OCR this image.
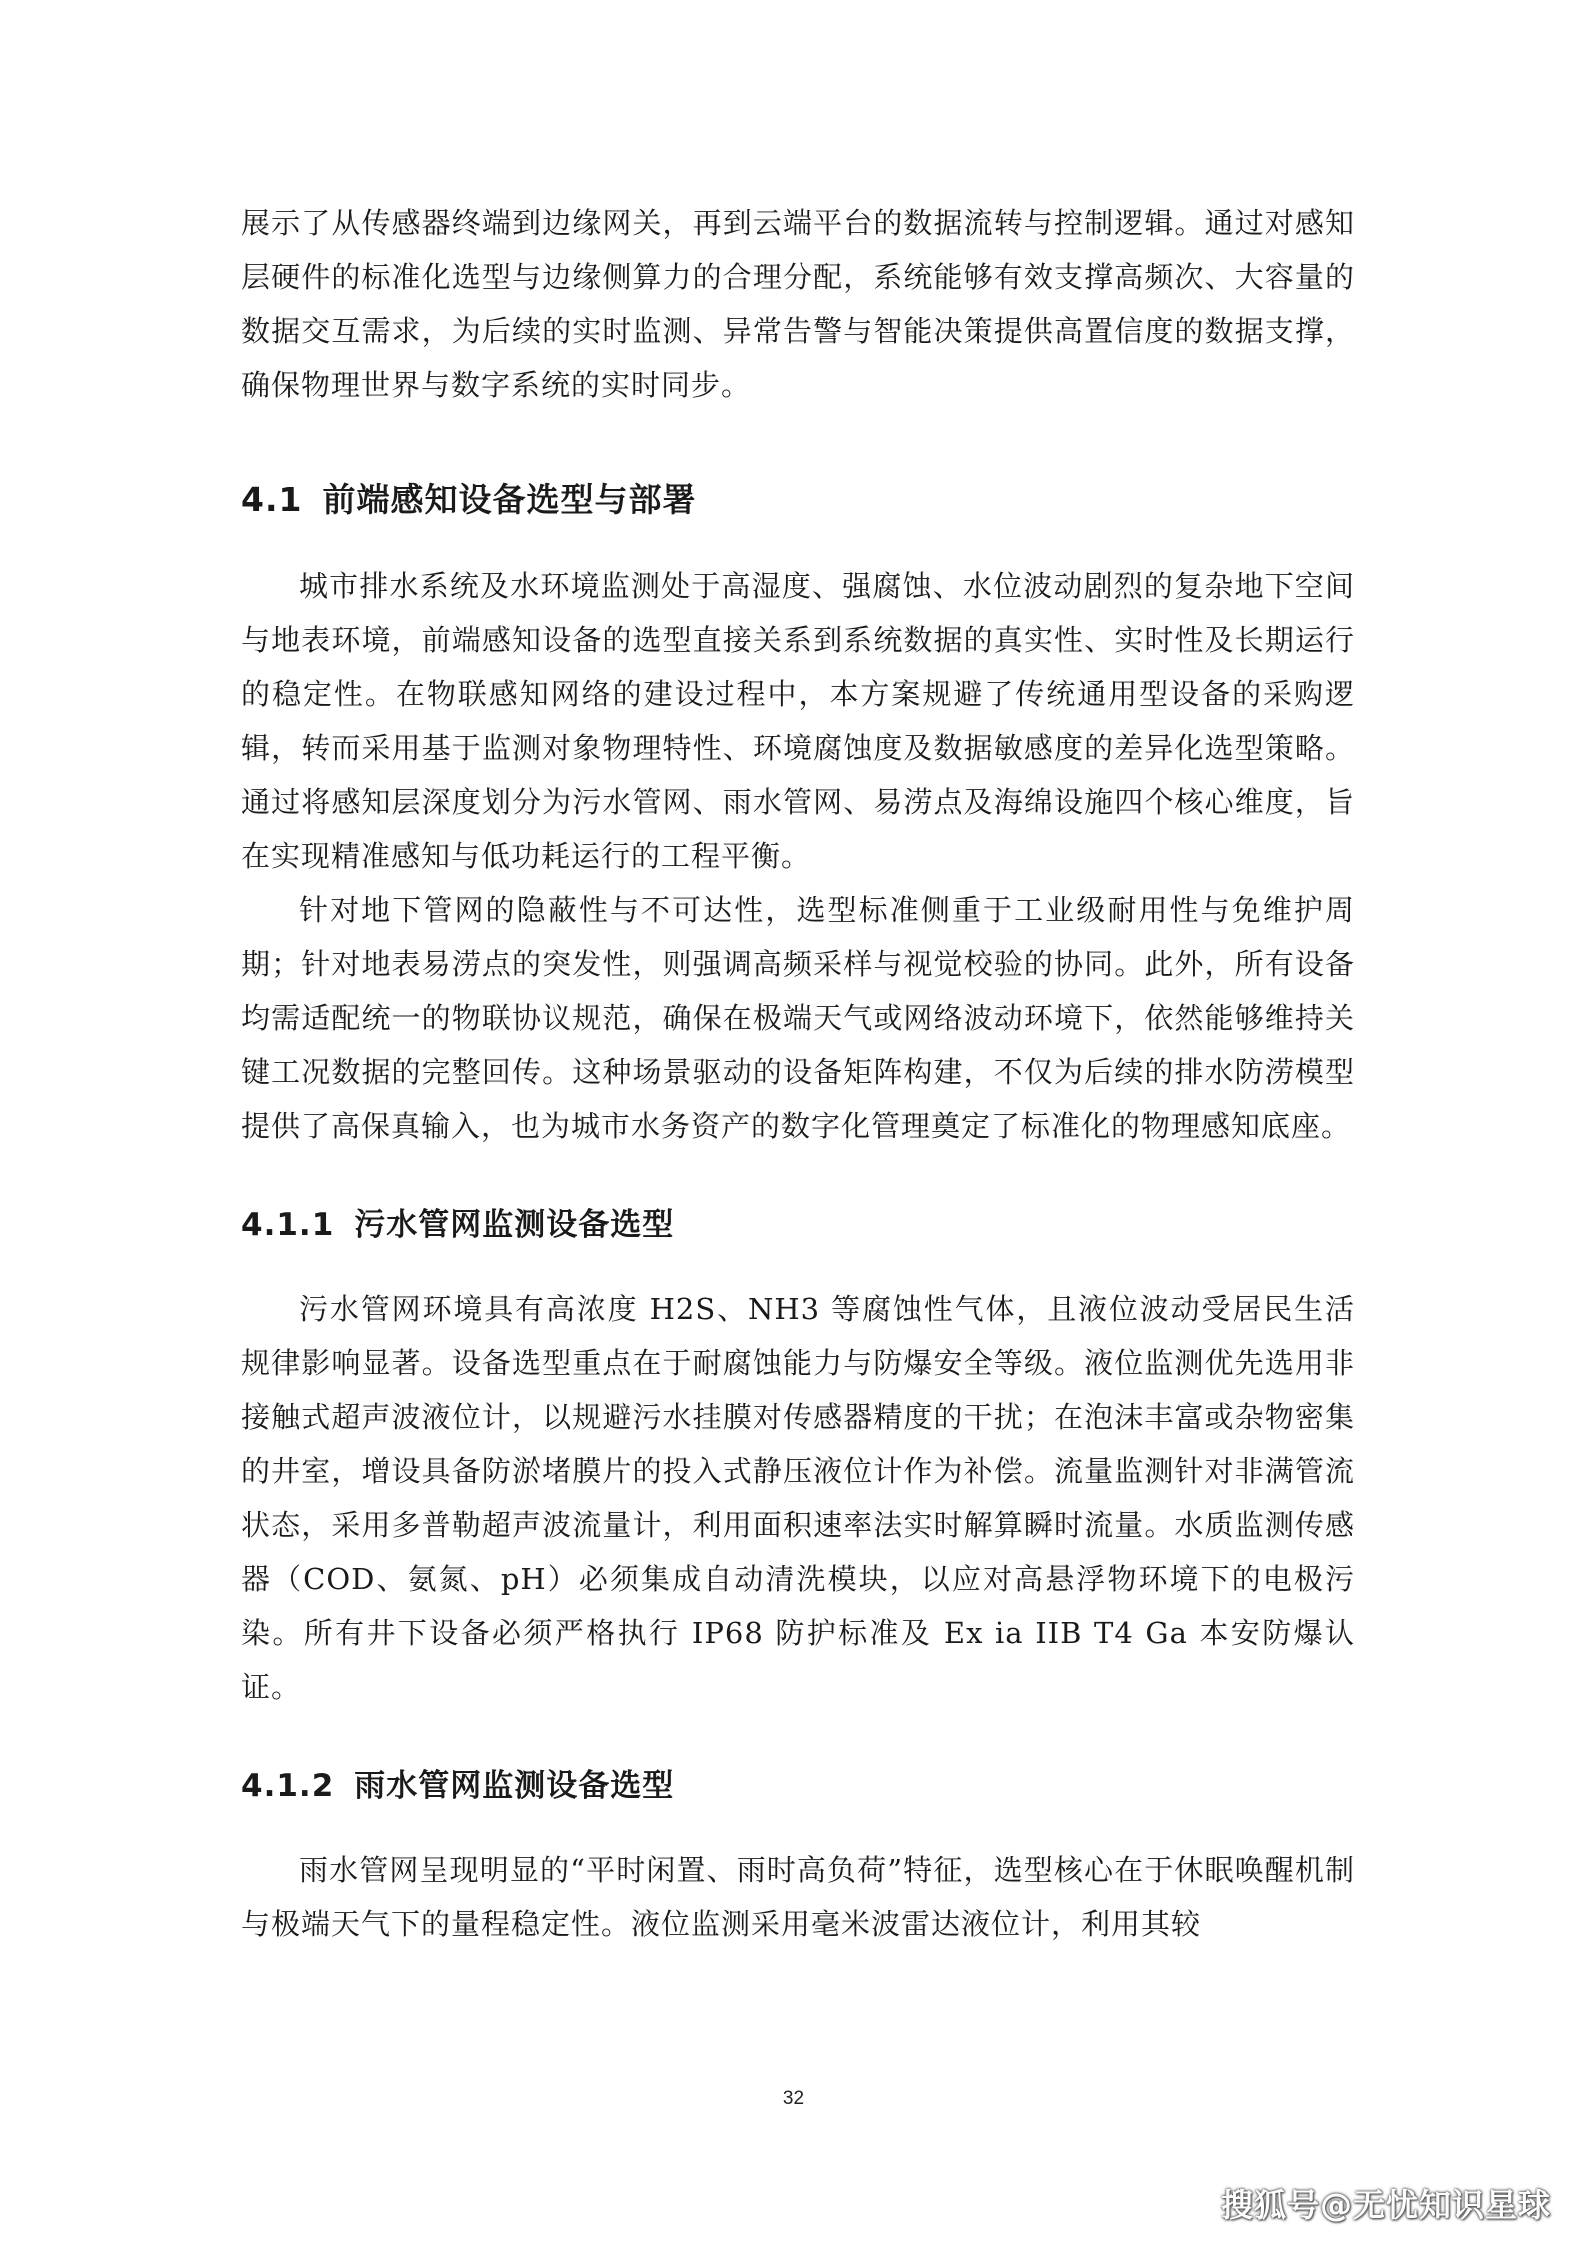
展示了从传感器终端到边缘网关，再到云端平台的数据流转与控制逻辑。通过对感知层硬件的标准化选型与边缘侧算力的合理分配，系统能够有效支撑高频次、大容量的数据交互需求，为后续的实时监测、异常告警与智能决策提供高置信度的数据支撑，确保物理世界与数字系统的实时同步。

4.1 前端感知设备选型与部署

城市排水系统及水环境监测处于高湿度、强腐蚀、水位波动剧烈的复杂地下空间与地表环境，前端感知设备的选型直接关系到系统数据的真实性、实时性及长期运行的稳定性。在物联感知网络的建设过程中，本方案规避了传统通用型设备的采购逻辑，转而采用基于监测对象物理特性、环境腐蚀度及数据敏感度的差异化选型策略。通过将感知层深度划分为污水管网、雨水管网、易涝点及海绵设施四个核心维度，旨在实现精准感知与低功耗运行的工程平衡。

针对地下管网的隐蔽性与不可达性，选型标准侧重于工业级耐用性与免维护周期；针对地表易涝点的突发性，则强调高频采样与视觉校验的协同。此外，所有设备均需适配统一的物联协议规范，确保在极端天气或网络波动环境下，依然能够维持关键工况数据的完整回传。这种场景驱动的设备矩阵构建，不仅为后续的排水防涝模型提供了高保真输入，也为城市水务资产的数字化管理奠定了标准化的物理感知底座。

4.1.1 污水管网监测设备选型

污水管网环境具有高浓度 H2S、NH3 等腐蚀性气体，且液位波动受居民生活规律影响显著。设备选型重点在于耐腐蚀能力与防爆安全等级。液位监测优先选用非接触式超声波液位计，以规避污水挂膜对传感器精度的干扰；在泡沫丰富或杂物密集的井室，增设具备防淤堵膜片的投入式静压液位计作为补偿。流量监测针对非满管流状态，采用多普勒超声波流量计，利用面积速率法实时解算瞬时流量。水质监测传感器（COD、氨氮、pH）必须集成自动清洗模块，以应对高悬浮物环境下的电极污染。所有井下设备必须严格执行 IP68 防护标准及 Ex ia IIB T4 Ga 本安防爆认证。

4.1.2 雨水管网监测设备选型

雨水管网呈现明显的“平时闲置、雨时高负荷”特征，选型核心在于休眠唤醒机制与极端天气下的量程稳定性。液位监测采用毫米波雷达液位计，利用其较

32
搜狐号@无忧知识星球
